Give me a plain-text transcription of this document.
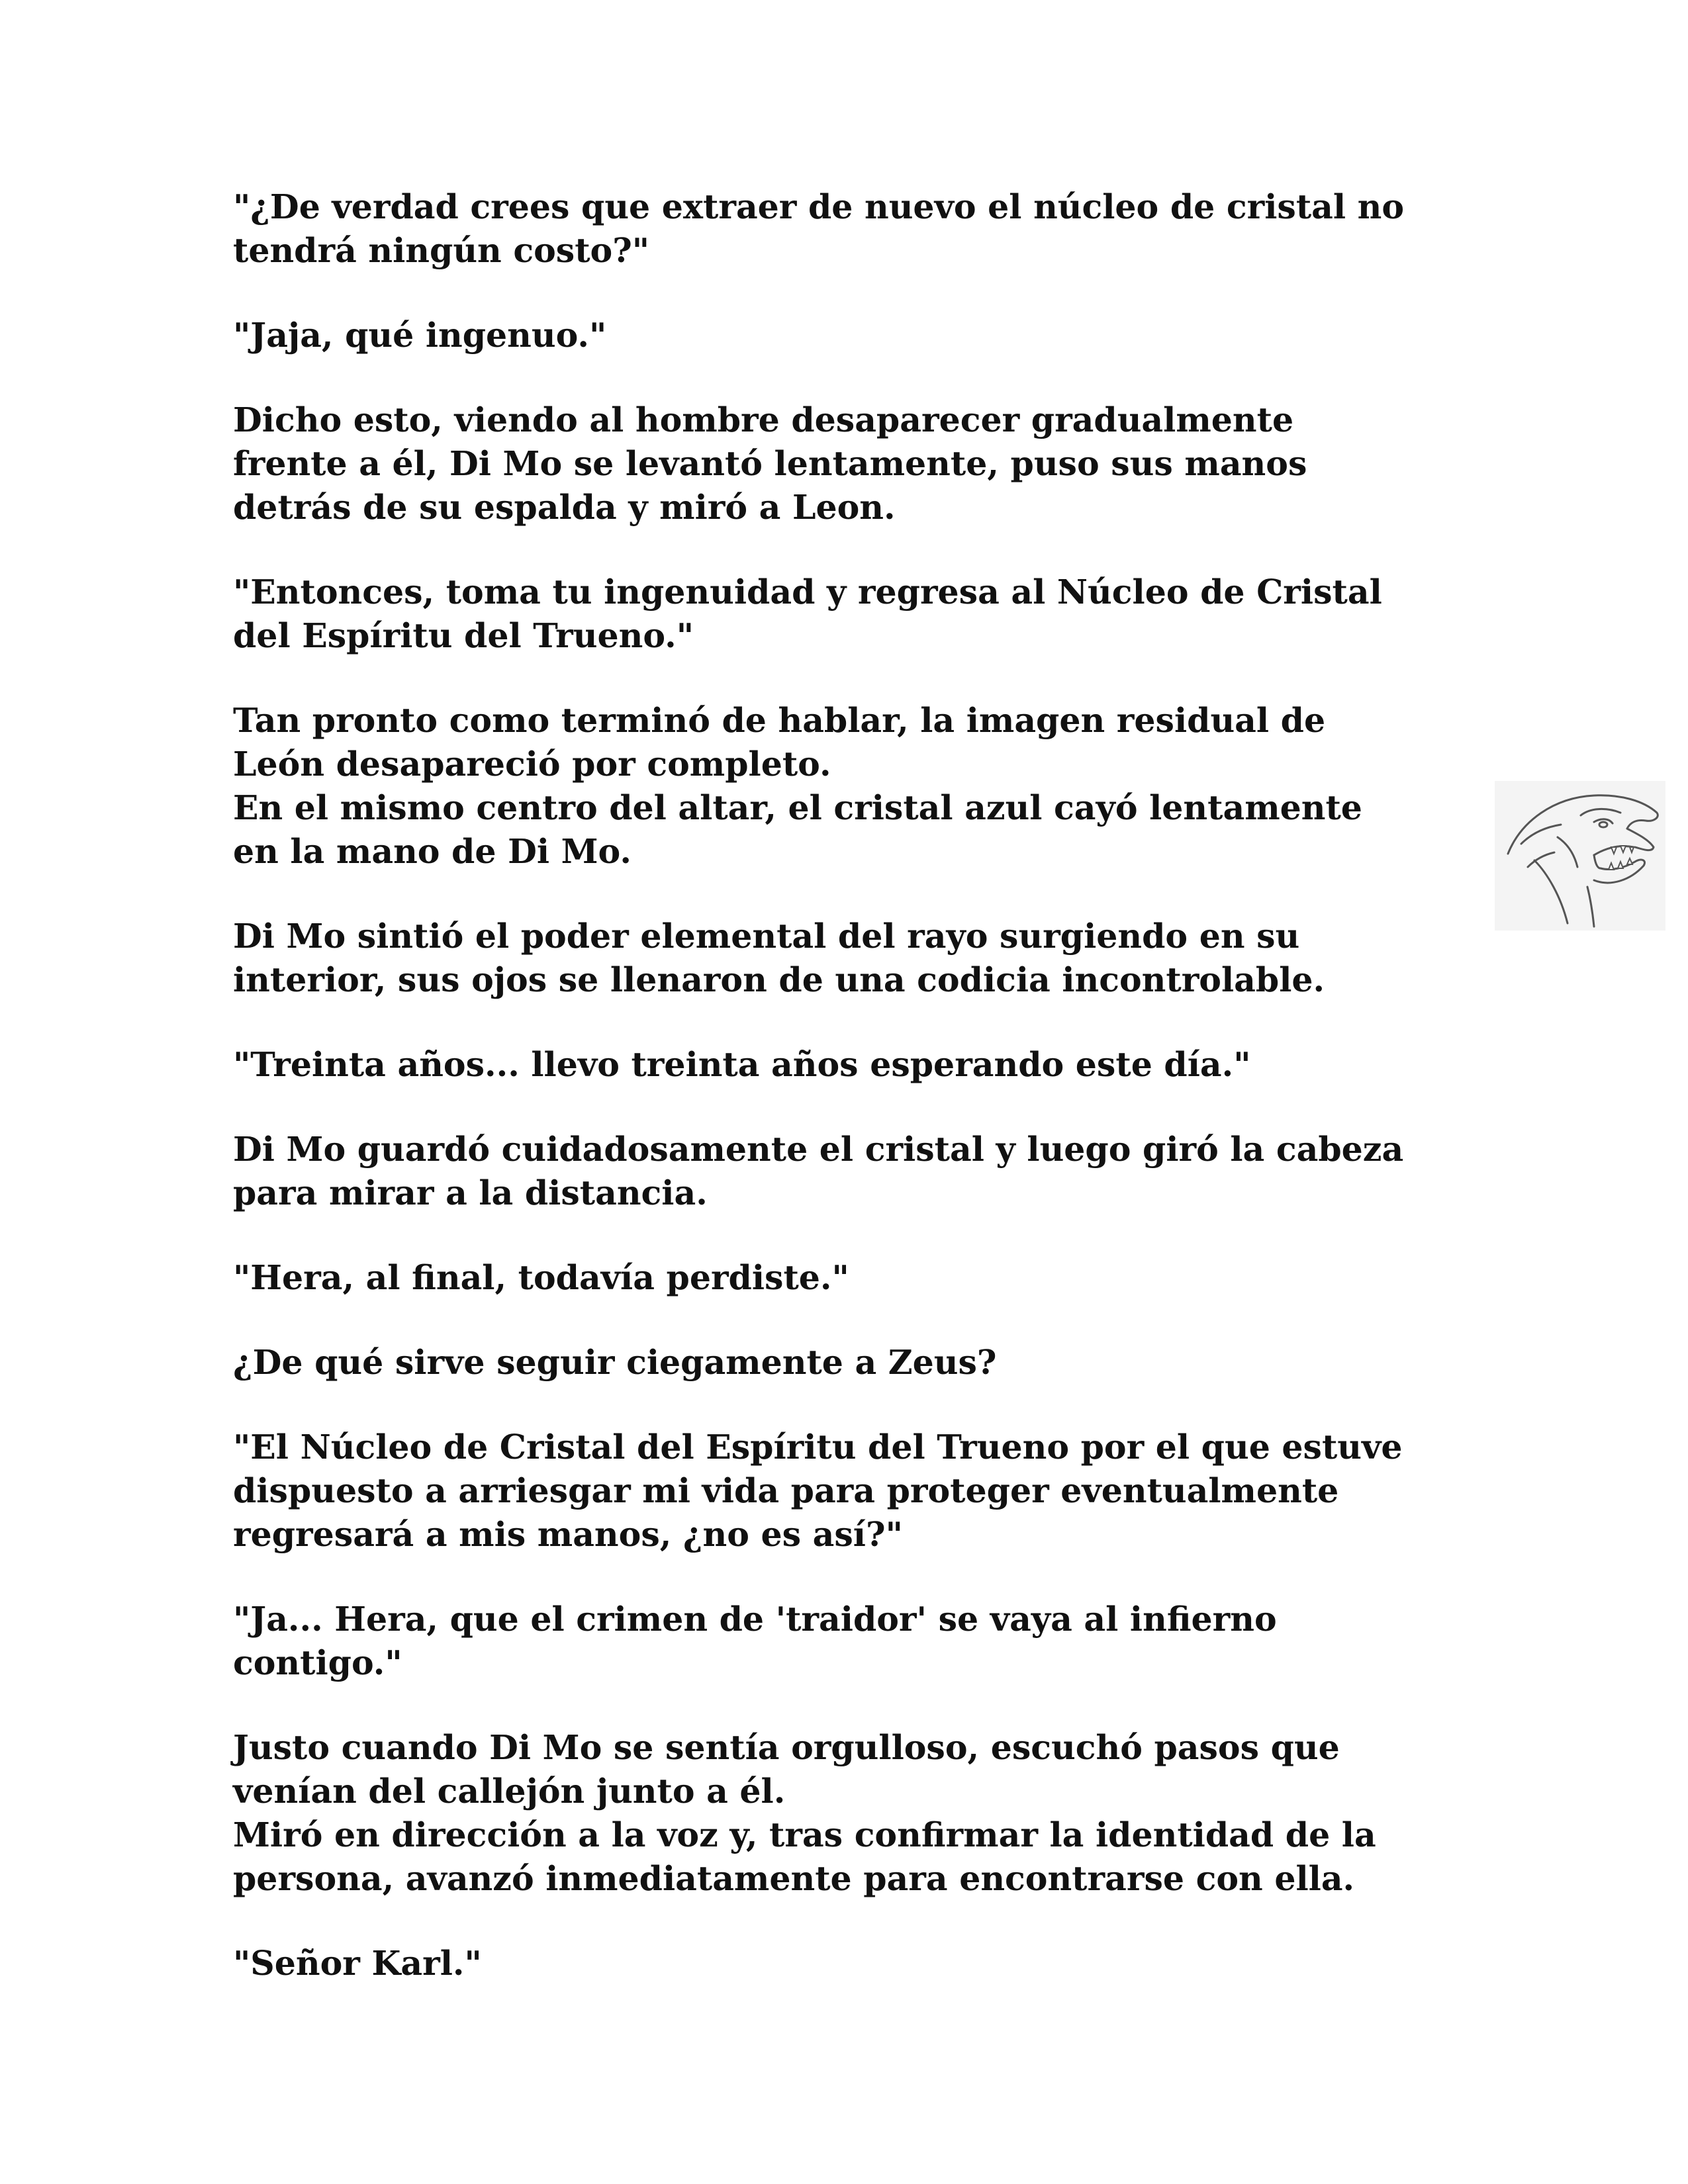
"¿De verdad crees que extraer de nuevo el núcleo de cristal no
tendrá ningún costo?"

"Jaja, qué ingenuo."

Dicho esto, viendo al hombre desaparecer gradualmente
frente a él, Di Mo se levantó lentamente, puso sus manos
detrás de su espalda y miró a Leon.

"Entonces, toma tu ingenuidad y regresa al Núcleo de Cristal
del Espíritu del Trueno."

Tan pronto como terminó de hablar, la imagen residual de
León desapareció por completo.
En el mismo centro del altar, el cristal azul cayó lentamente
en la mano de Di Mo.

Di Mo sintió el poder elemental del rayo surgiendo en su
interior, sus ojos se llenaron de una codicia incontrolable.

"Treinta años... llevo treinta años esperando este día."

Di Mo guardó cuidadosamente el cristal y luego giró la cabeza
para mirar a la distancia.

"Hera, al final, todavía perdiste."

¿De qué sirve seguir ciegamente a Zeus?

"El Núcleo de Cristal del Espíritu del Trueno por el que estuve
dispuesto a arriesgar mi vida para proteger eventualmente
regresará a mis manos, ¿no es así?"

"Ja... Hera, que el crimen de 'traidor' se vaya al infierno
contigo."

Justo cuando Di Mo se sentía orgulloso, escuchó pasos que
venían del callejón junto a él.
Miró en dirección a la voz y, tras confirmar la identidad de la
persona, avanzó inmediatamente para encontrarse con ella.

"Señor Karl."
